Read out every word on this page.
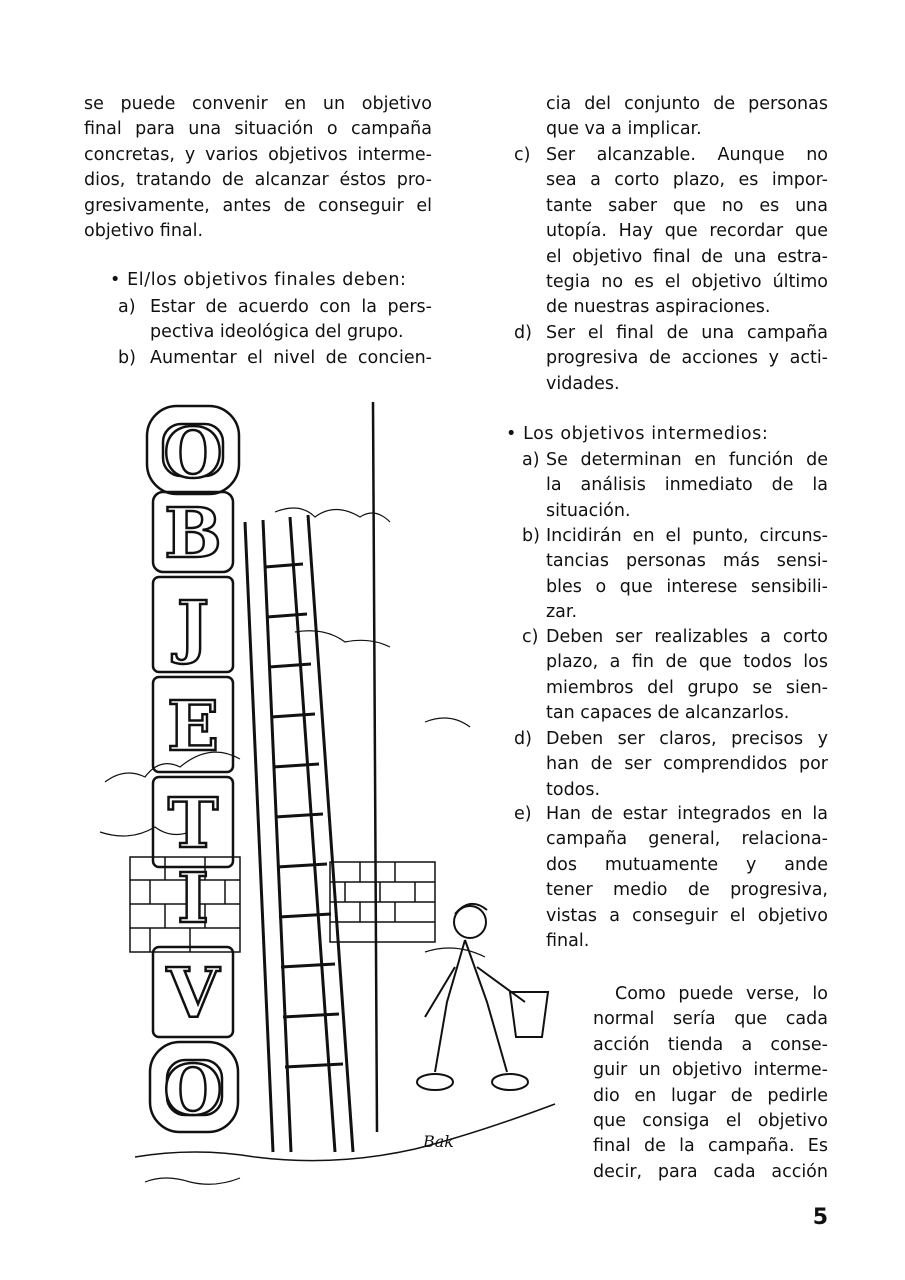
se puede convenir en un objetivo
final para una situación o campaña
concretas, y varios objetivos interme-
dios, tratando de alcanzar éstos pro-
gresivamente, antes de conseguir el
objetivo final.
• El/los objetivos finales deben:
a) Estar de acuerdo con la pers-
pectiva ideológica del grupo.
b) Aumentar el nivel de concien-
cia del conjunto de personas
que va a implicar.
c) Ser alcanzable. Aunque no
sea a corto plazo, es impor-
tante saber que no es una
utopía. Hay que recordar que
el objetivo final de una estra-
tegia no es el objetivo último
de nuestras aspiraciones.
d) Ser el final de una campaña
progresiva de acciones y acti-
vidades.
• Los objetivos intermedios:
a) Se determinan en función de
la análisis inmediato de la
situación.
b) Incidirán en el punto, circuns-
tancias personas más sensi-
bles o que interese sensibili-
zar.
c) Deben ser realizables a corto
plazo, a fin de que todos los
miembros del grupo se sien-
tan capaces de alcanzarlos.
d) Deben ser claros, precisos y
han de ser comprendidos por
todos.
e) Han de estar integrados en la
campaña general, relaciona-
dos mutuamente y ande
tener medio de progresiva,
vistas a conseguir el objetivo
final.
Como puede verse, lo
normal sería que cada
acción tienda a conse-
guir un objetivo interme-
dio en lugar de pedirle
que consiga el objetivo
final de la campaña. Es
decir, para cada acción
O
B
J
E
T
I
V
O
Bak
5
